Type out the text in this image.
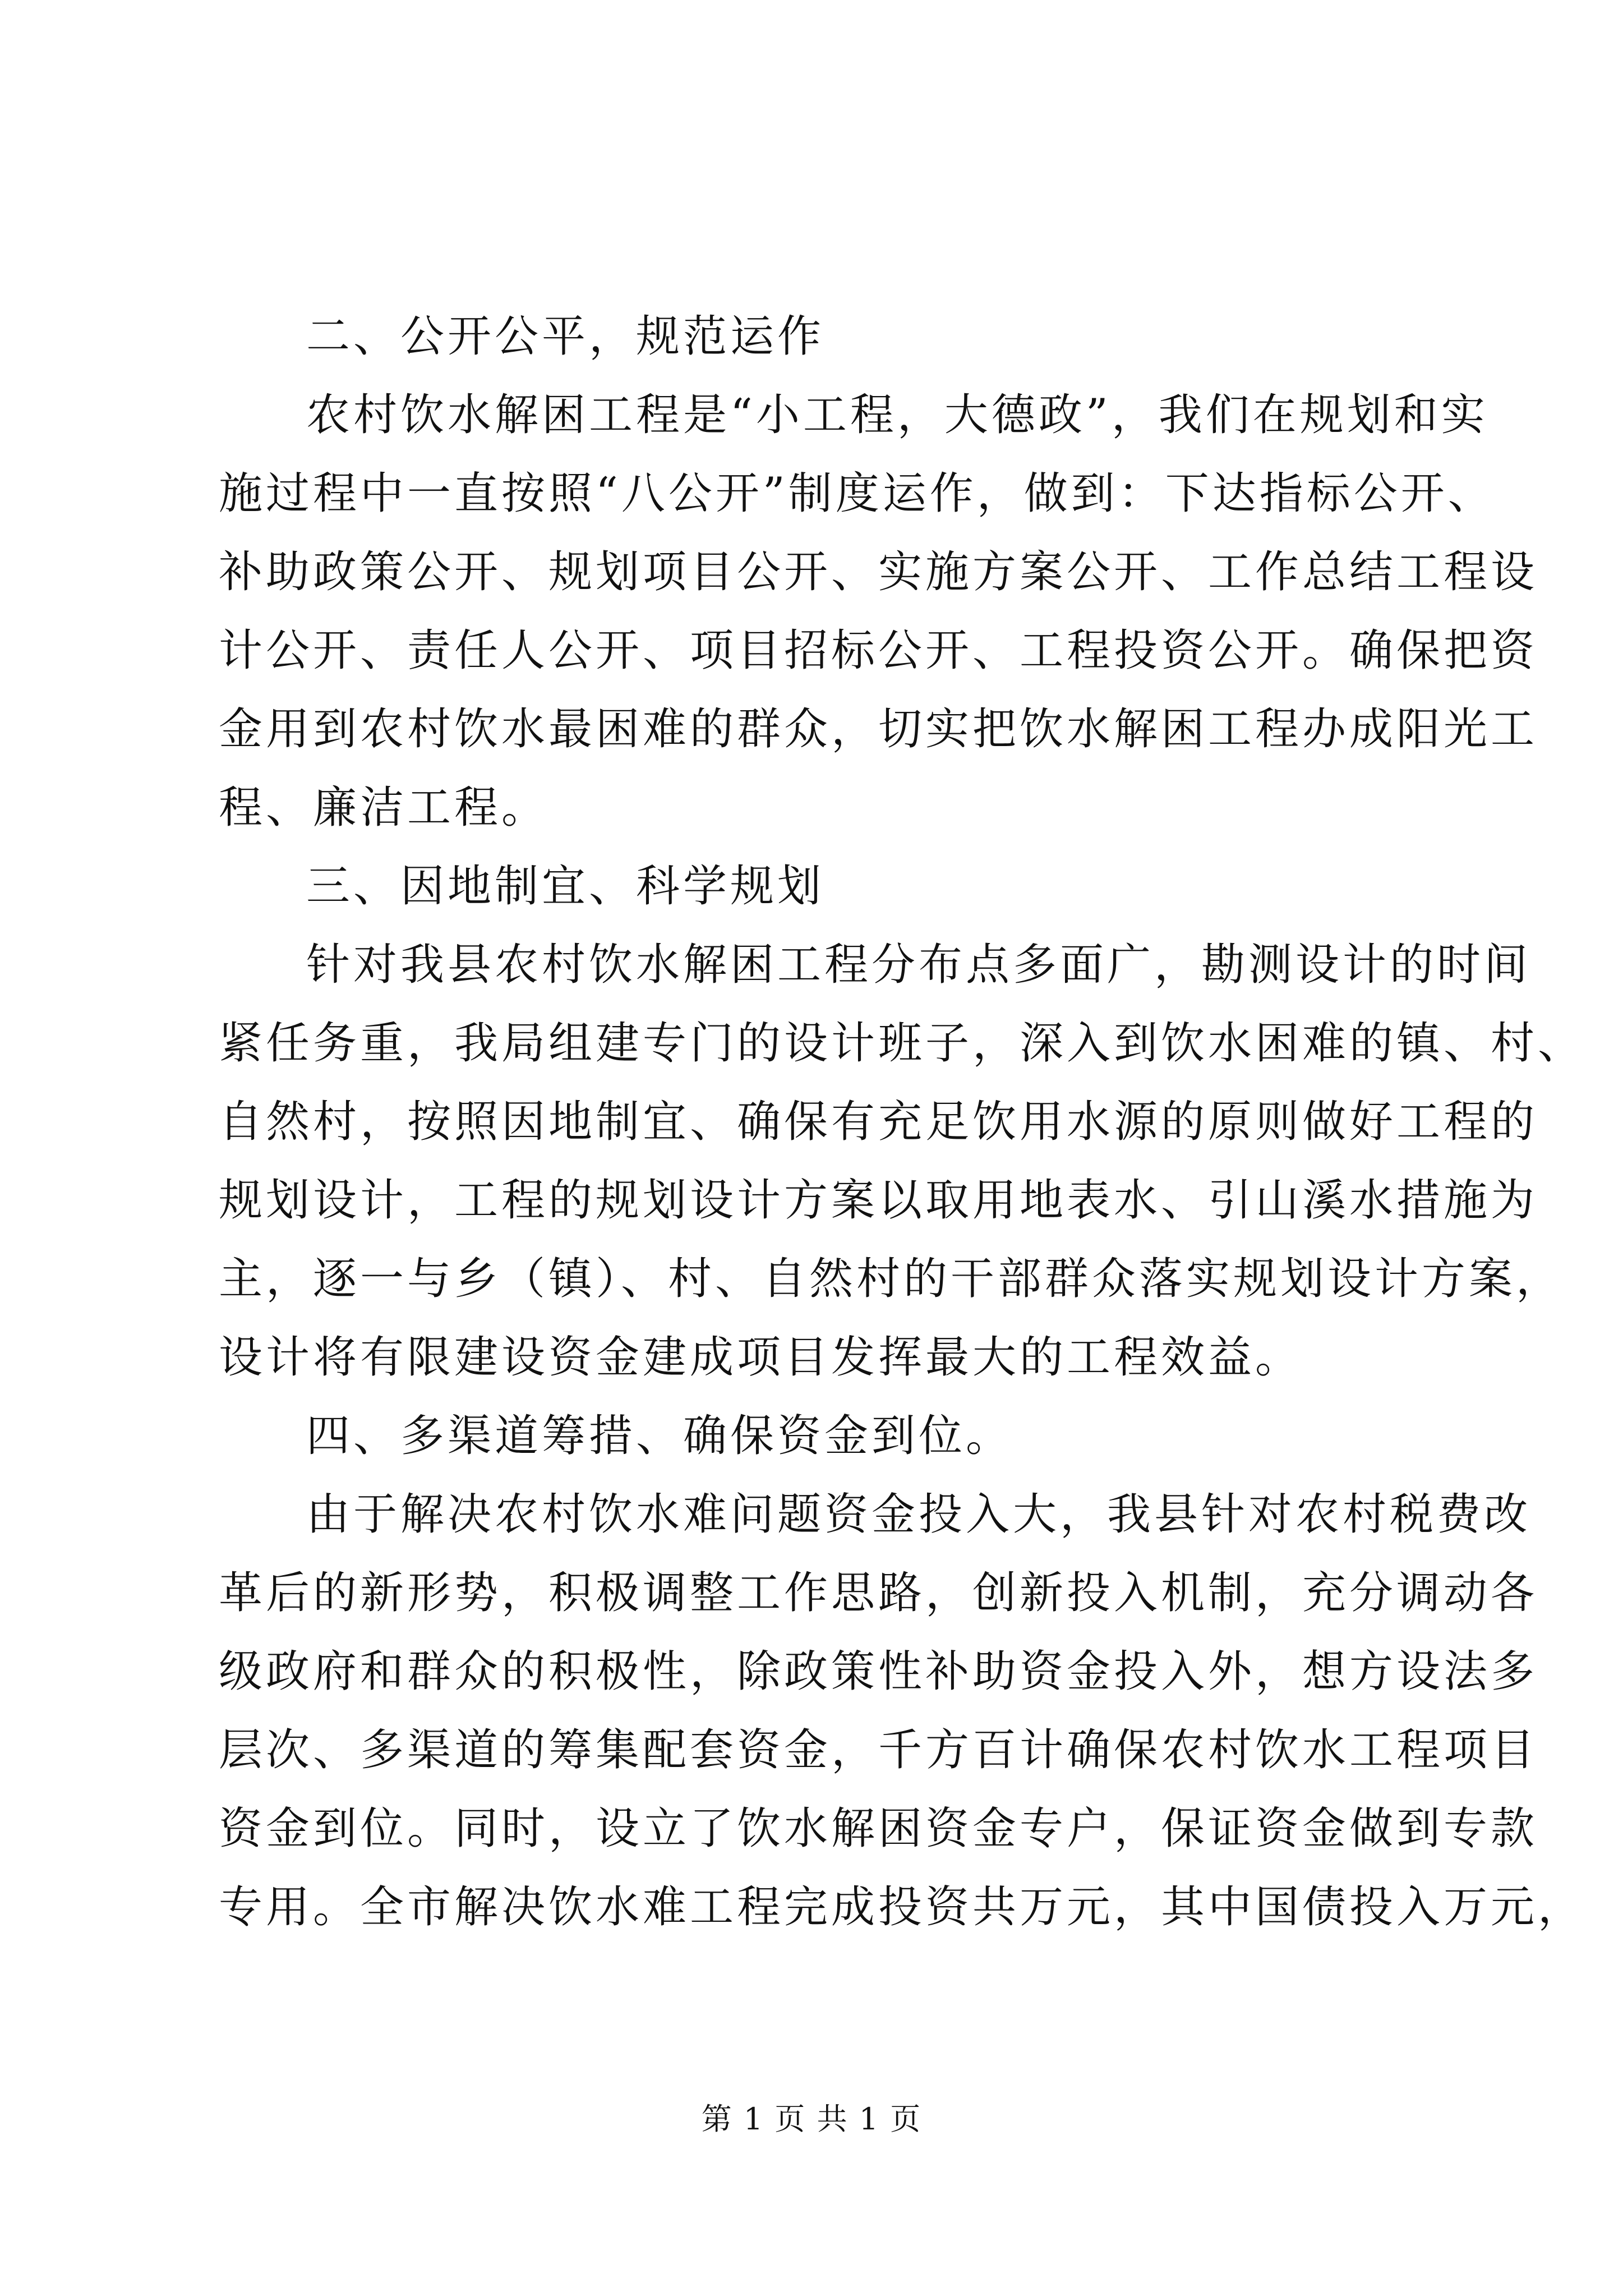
二、公开公平，规范运作
农村饮水解困工程是“小工程，大德政”，我们在规划和实
施过程中一直按照“八公开”制度运作，做到：下达指标公开、
补助政策公开、规划项目公开、实施方案公开、工作总结工程设
计公开、责任人公开、项目招标公开、工程投资公开。确保把资
金用到农村饮水最困难的群众，切实把饮水解困工程办成阳光工
程、廉洁工程。
三、因地制宜、科学规划
针对我县农村饮水解困工程分布点多面广，勘测设计的时间
紧任务重，我局组建专门的设计班子，深入到饮水困难的镇、村、
自然村，按照因地制宜、确保有充足饮用水源的原则做好工程的
规划设计，工程的规划设计方案以取用地表水、引山溪水措施为
主，逐一与乡（镇）、村、自然村的干部群众落实规划设计方案，
设计将有限建设资金建成项目发挥最大的工程效益。
四、多渠道筹措、确保资金到位。
由于解决农村饮水难问题资金投入大，我县针对农村税费改
革后的新形势，积极调整工作思路，创新投入机制，充分调动各
级政府和群众的积极性，除政策性补助资金投入外，想方设法多
层次、多渠道的筹集配套资金，千方百计确保农村饮水工程项目
资金到位。同时，设立了饮水解困资金专户，保证资金做到专款
专用。全市解决饮水难工程完成投资共万元，其中国债投入万元，
第 1 页 共 1 页
